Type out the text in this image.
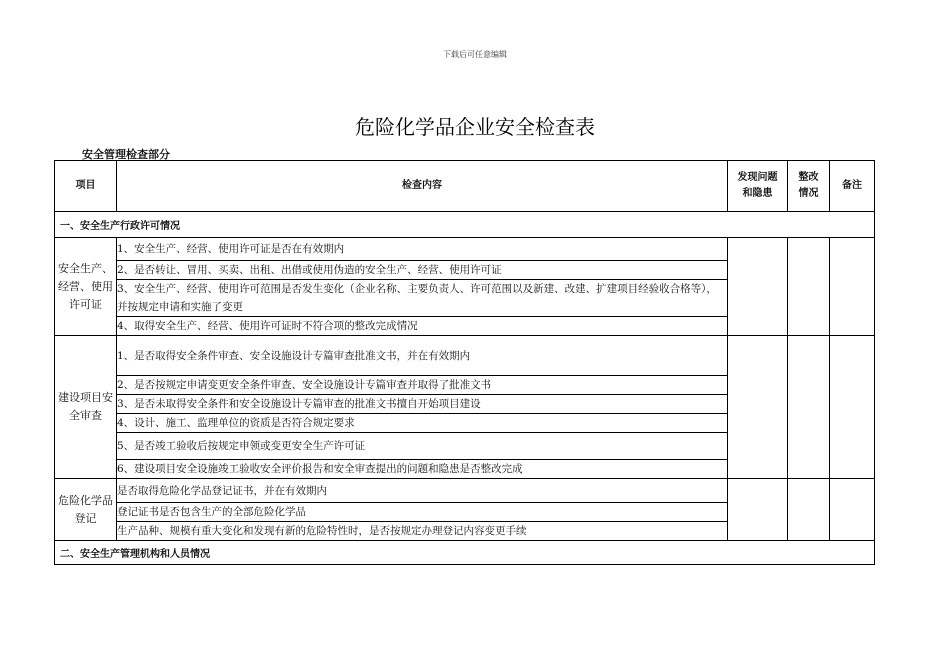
下载后可任意编辑
危险化学品企业安全检查表
安全管理检查部分
项目	检查内容	发现问题和隐患	整改情况	备注
一、安全生产行政许可情况				
安全生产、经营、使用许可证	1、安全生产、经营、使用许可证是否在有效期内			
	2、是否转让、冒用、买卖、出租、出借或使用伪造的安全生产、经营、使用许可证			
	3、安全生产、经营、使用许可范围是否发生变化（企业名称、主要负责人、许可范围以及新建、改建、扩建项目经验收合格等），并按规定申请和实施了变更			
	4、取得安全生产、经营、使用许可证时不符合项的整改完成情况			
建设项目安全审查	1、是否取得安全条件审查、安全设施设计专篇审查批准文书，并在有效期内			
	2、是否按规定申请变更安全条件审查、安全设施设计专篇审查并取得了批准文书			
	3、是否未取得安全条件和安全设施设计专篇审查的批准文书擅自开始项目建设			
	4、设计、施工、监理单位的资质是否符合规定要求			
	5、是否竣工验收后按规定申领或变更安全生产许可证			
	6、建设项目安全设施竣工验收安全评价报告和安全审查提出的问题和隐患是否整改完成			
危险化学品登记	是否取得危险化学品登记证书，并在有效期内			
	登记证书是否包含生产的全部危险化学品			
	生产品种、规模有重大变化和发现有新的危险特性时，是否按规定办理登记内容变更手续			
二、安全生产管理机构和人员情况				
